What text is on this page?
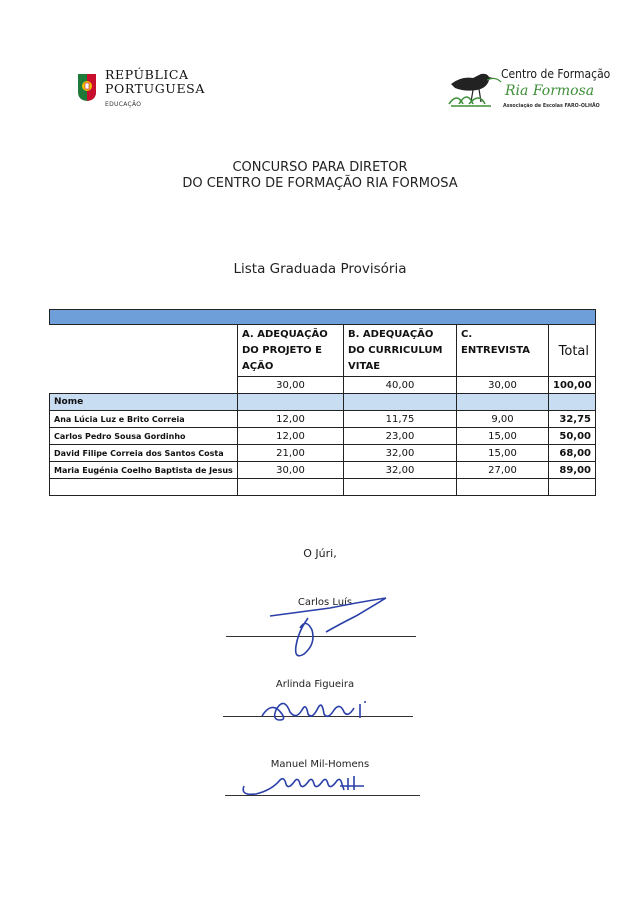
REPÚBLICA
PORTUGUESA
EDUCAÇÃO
Centro de Formação
Ria Formosa
Associação de Escolas FARO-OLHÃO
CONCURSO PARA DIRETOR
DO CENTRO DE FORMAÇÃO RIA FORMOSA
Lista Graduada Provisória

	A. ADEQUAÇÃO DO PROJETO E AÇÃO	B. ADEQUAÇÃO DO CURRICULUM VITAE	C. ENTREVISTA	Total
	30,00	40,00	30,00	100,00
Nome				
Ana Lúcia Luz e Brito Correia	12,00	11,75	9,00	32,75
Carlos Pedro Sousa Gordinho	12,00	23,00	15,00	50,00
David Filipe Correia dos Santos Costa	21,00	32,00	15,00	68,00
Maria Eugénia Coelho Baptista de Jesus	30,00	32,00	27,00	89,00

O Júri,
Carlos Luís
Arlinda Figueira
Manuel Mil-Homens
